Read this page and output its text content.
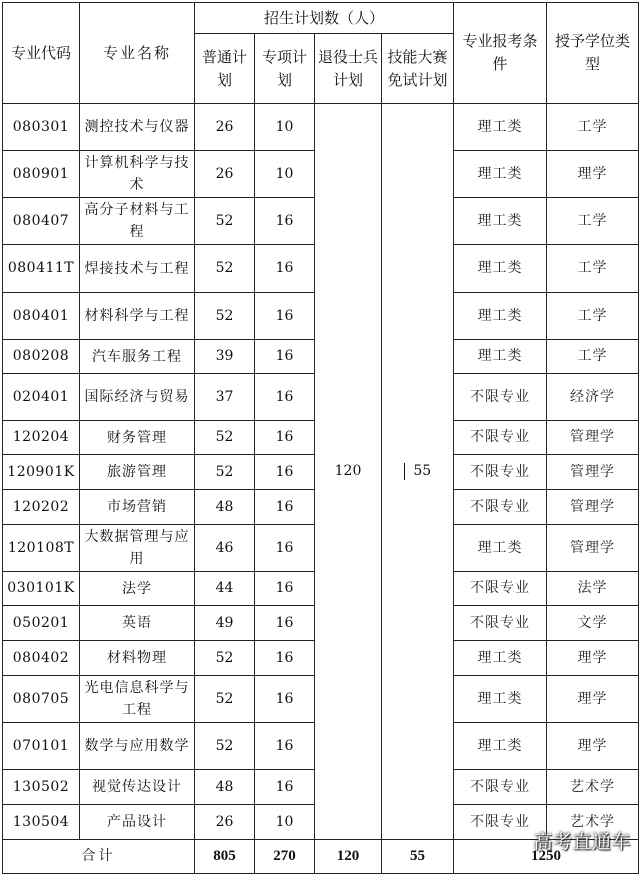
专业代码	专业名称	招生计划数（人）				专业报考条件	授予学位类型
		普通计划	专项计划	退役士兵计划	技能大赛免试计划		
080301	测控技术与仪器	26	10	120	55	理工类	工学
080901	计算机科学与技术	26	10			理工类	理学
080407	高分子材料与工程	52	16			理工类	工学
080411T	焊接技术与工程	52	16			理工类	工学
080401	材料科学与工程	52	16			理工类	工学
080208	汽车服务工程	39	16			理工类	工学
020401	国际经济与贸易	37	16			不限专业	经济学
120204	财务管理	52	16			不限专业	管理学
120901K	旅游管理	52	16			不限专业	管理学
120202	市场营销	48	16			不限专业	管理学
120108T	大数据管理与应用	46	16			理工类	管理学
030101K	法学	44	16			不限专业	法学
050201	英语	49	16			不限专业	文学
080402	材料物理	52	16			理工类	理学
080705	光电信息科学与工程	52	16			理工类	理学
070101	数学与应用数学	52	16			理工类	理学
130502	视觉传达设计	48	16			不限专业	艺术学
130504	产品设计	26	10			不限专业	艺术学
合计		805	270	120	55	1250	
高考直通车
